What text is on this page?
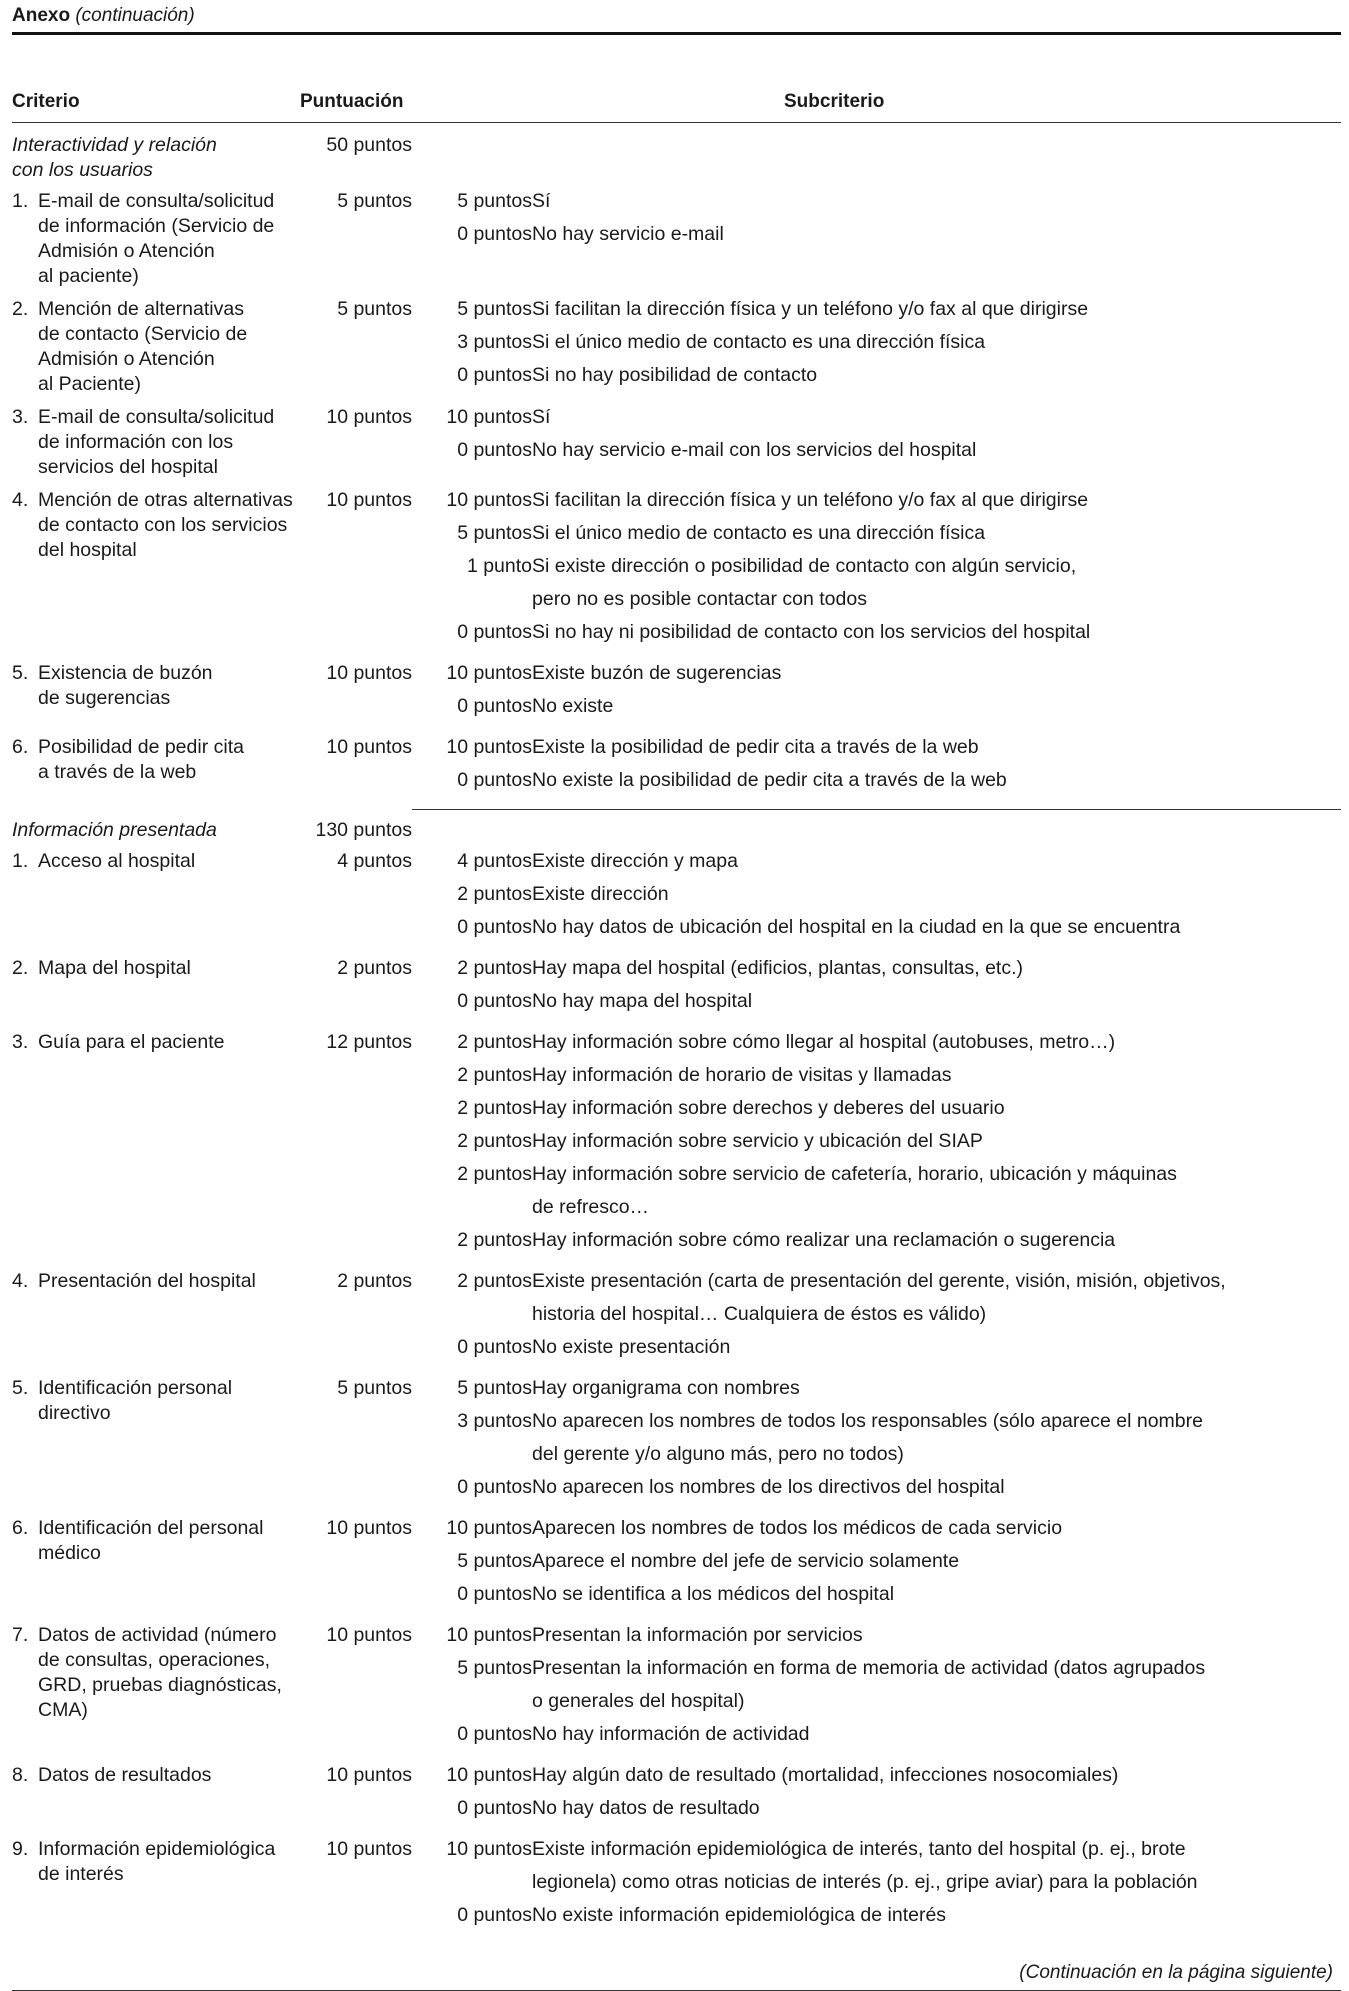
Anexo (continuación)
Criterio	Puntuación	Subcriterio
Interactividad y relación
con los usuarios
	50 puntos	

1. E-mail de consulta/solicitud
de información (Servicio de
Admisión o Atención
al paciente)
	5 puntos	5 puntos	Sí
0 puntos	No hay servicio e-mail

2. Mención de alternativas
de contacto (Servicio de
Admisión o Atención
al Paciente)
	5 puntos	5 puntos	Si facilitan la dirección física y un teléfono y/o fax al que dirigirse
3 puntos	Si el único medio de contacto es una dirección física
0 puntos	Si no hay posibilidad de contacto

3. E-mail de consulta/solicitud
de información con los
servicios del hospital
	10 puntos	10 puntos	Sí
0 puntos	No hay servicio e-mail con los servicios del hospital

4. Mención de otras alternativas
de contacto con los servicios
del hospital
	10 puntos	10 puntos	Si facilitan la dirección física y un teléfono y/o fax al que dirigirse
5 puntos	Si el único medio de contacto es una dirección física
1 punto	Si existe dirección o posibilidad de contacto con algún servicio,
	pero no es posible contactar con todos
0 puntos	Si no hay ni posibilidad de contacto con los servicios del hospital

5. Existencia de buzón
de sugerencias
	10 puntos	10 puntos	Existe buzón de sugerencias
0 puntos	No existe

6. Posibilidad de pedir cita
a través de la web
	10 puntos	10 puntos	Existe la posibilidad de pedir cita a través de la web
0 puntos	No existe la posibilidad de pedir cita a través de la web

Información presentada	130 puntos	

1. Acceso al hospital	4 puntos	4 puntos	Existe dirección y mapa
2 puntos	Existe dirección
0 puntos	No hay datos de ubicación del hospital en la ciudad en la que se encuentra

2. Mapa del hospital	2 puntos	2 puntos	Hay mapa del hospital (edificios, plantas, consultas, etc.)
0 puntos	No hay mapa del hospital

3. Guía para el paciente	12 puntos	2 puntos	Hay información sobre cómo llegar al hospital (autobuses, metro…)
2 puntos	Hay información de horario de visitas y llamadas
2 puntos	Hay información sobre derechos y deberes del usuario
2 puntos	Hay información sobre servicio y ubicación del SIAP
2 puntos	Hay información sobre servicio de cafetería, horario, ubicación y máquinas
	de refresco…
2 puntos	Hay información sobre cómo realizar una reclamación o sugerencia

4. Presentación del hospital	2 puntos	2 puntos	Existe presentación (carta de presentación del gerente, visión, misión, objetivos,
	historia del hospital… Cualquiera de éstos es válido)
0 puntos	No existe presentación

5. Identificación personal
directivo
	5 puntos	5 puntos	Hay organigrama con nombres
3 puntos	No aparecen los nombres de todos los responsables (sólo aparece el nombre
	del gerente y/o alguno más, pero no todos)
0 puntos	No aparecen los nombres de los directivos del hospital

6. Identificación del personal
médico
	10 puntos	10 puntos	Aparecen los nombres de todos los médicos de cada servicio
5 puntos	Aparece el nombre del jefe de servicio solamente
0 puntos	No se identifica a los médicos del hospital

7. Datos de actividad (número
de consultas, operaciones,
GRD, pruebas diagnósticas,
CMA)
	10 puntos	10 puntos	Presentan la información por servicios
5 puntos	Presentan la información en forma de memoria de actividad (datos agrupados
	o generales del hospital)
0 puntos	No hay información de actividad

8. Datos de resultados	10 puntos	10 puntos	Hay algún dato de resultado (mortalidad, infecciones nosocomiales)
0 puntos	No hay datos de resultado

9. Información epidemiológica
de interés
	10 puntos	10 puntos	Existe información epidemiológica de interés, tanto del hospital (p. ej., brote
	legionela) como otras noticias de interés (p. ej., gripe aviar) para la población
0 puntos	No existe información epidemiológica de interés
(Continuación en la página siguiente)
